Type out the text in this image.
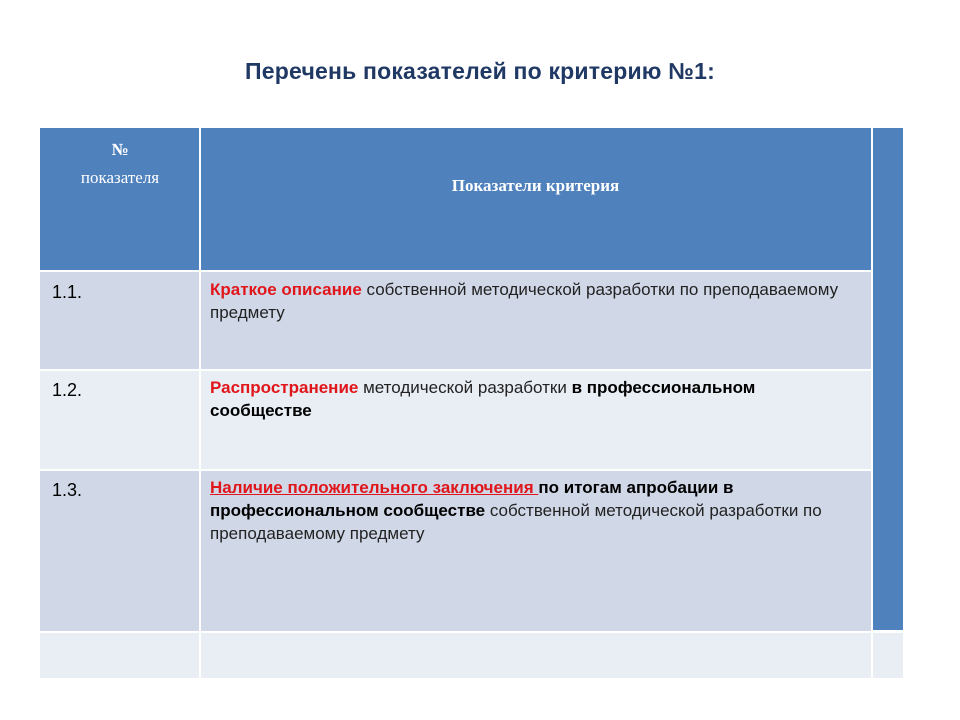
Перечень показателей по критерию №1:
№
показателя	Показатели критерия
1.1.	Краткое описание собственной методической разработки по преподаваемому предмету
1.2.	Распространение методической разработки в профессиональном сообществе
1.3.	Наличие положительного заключения по итогам апробации в профессиональном сообществе собственной методической разработки по преподаваемому предмету
